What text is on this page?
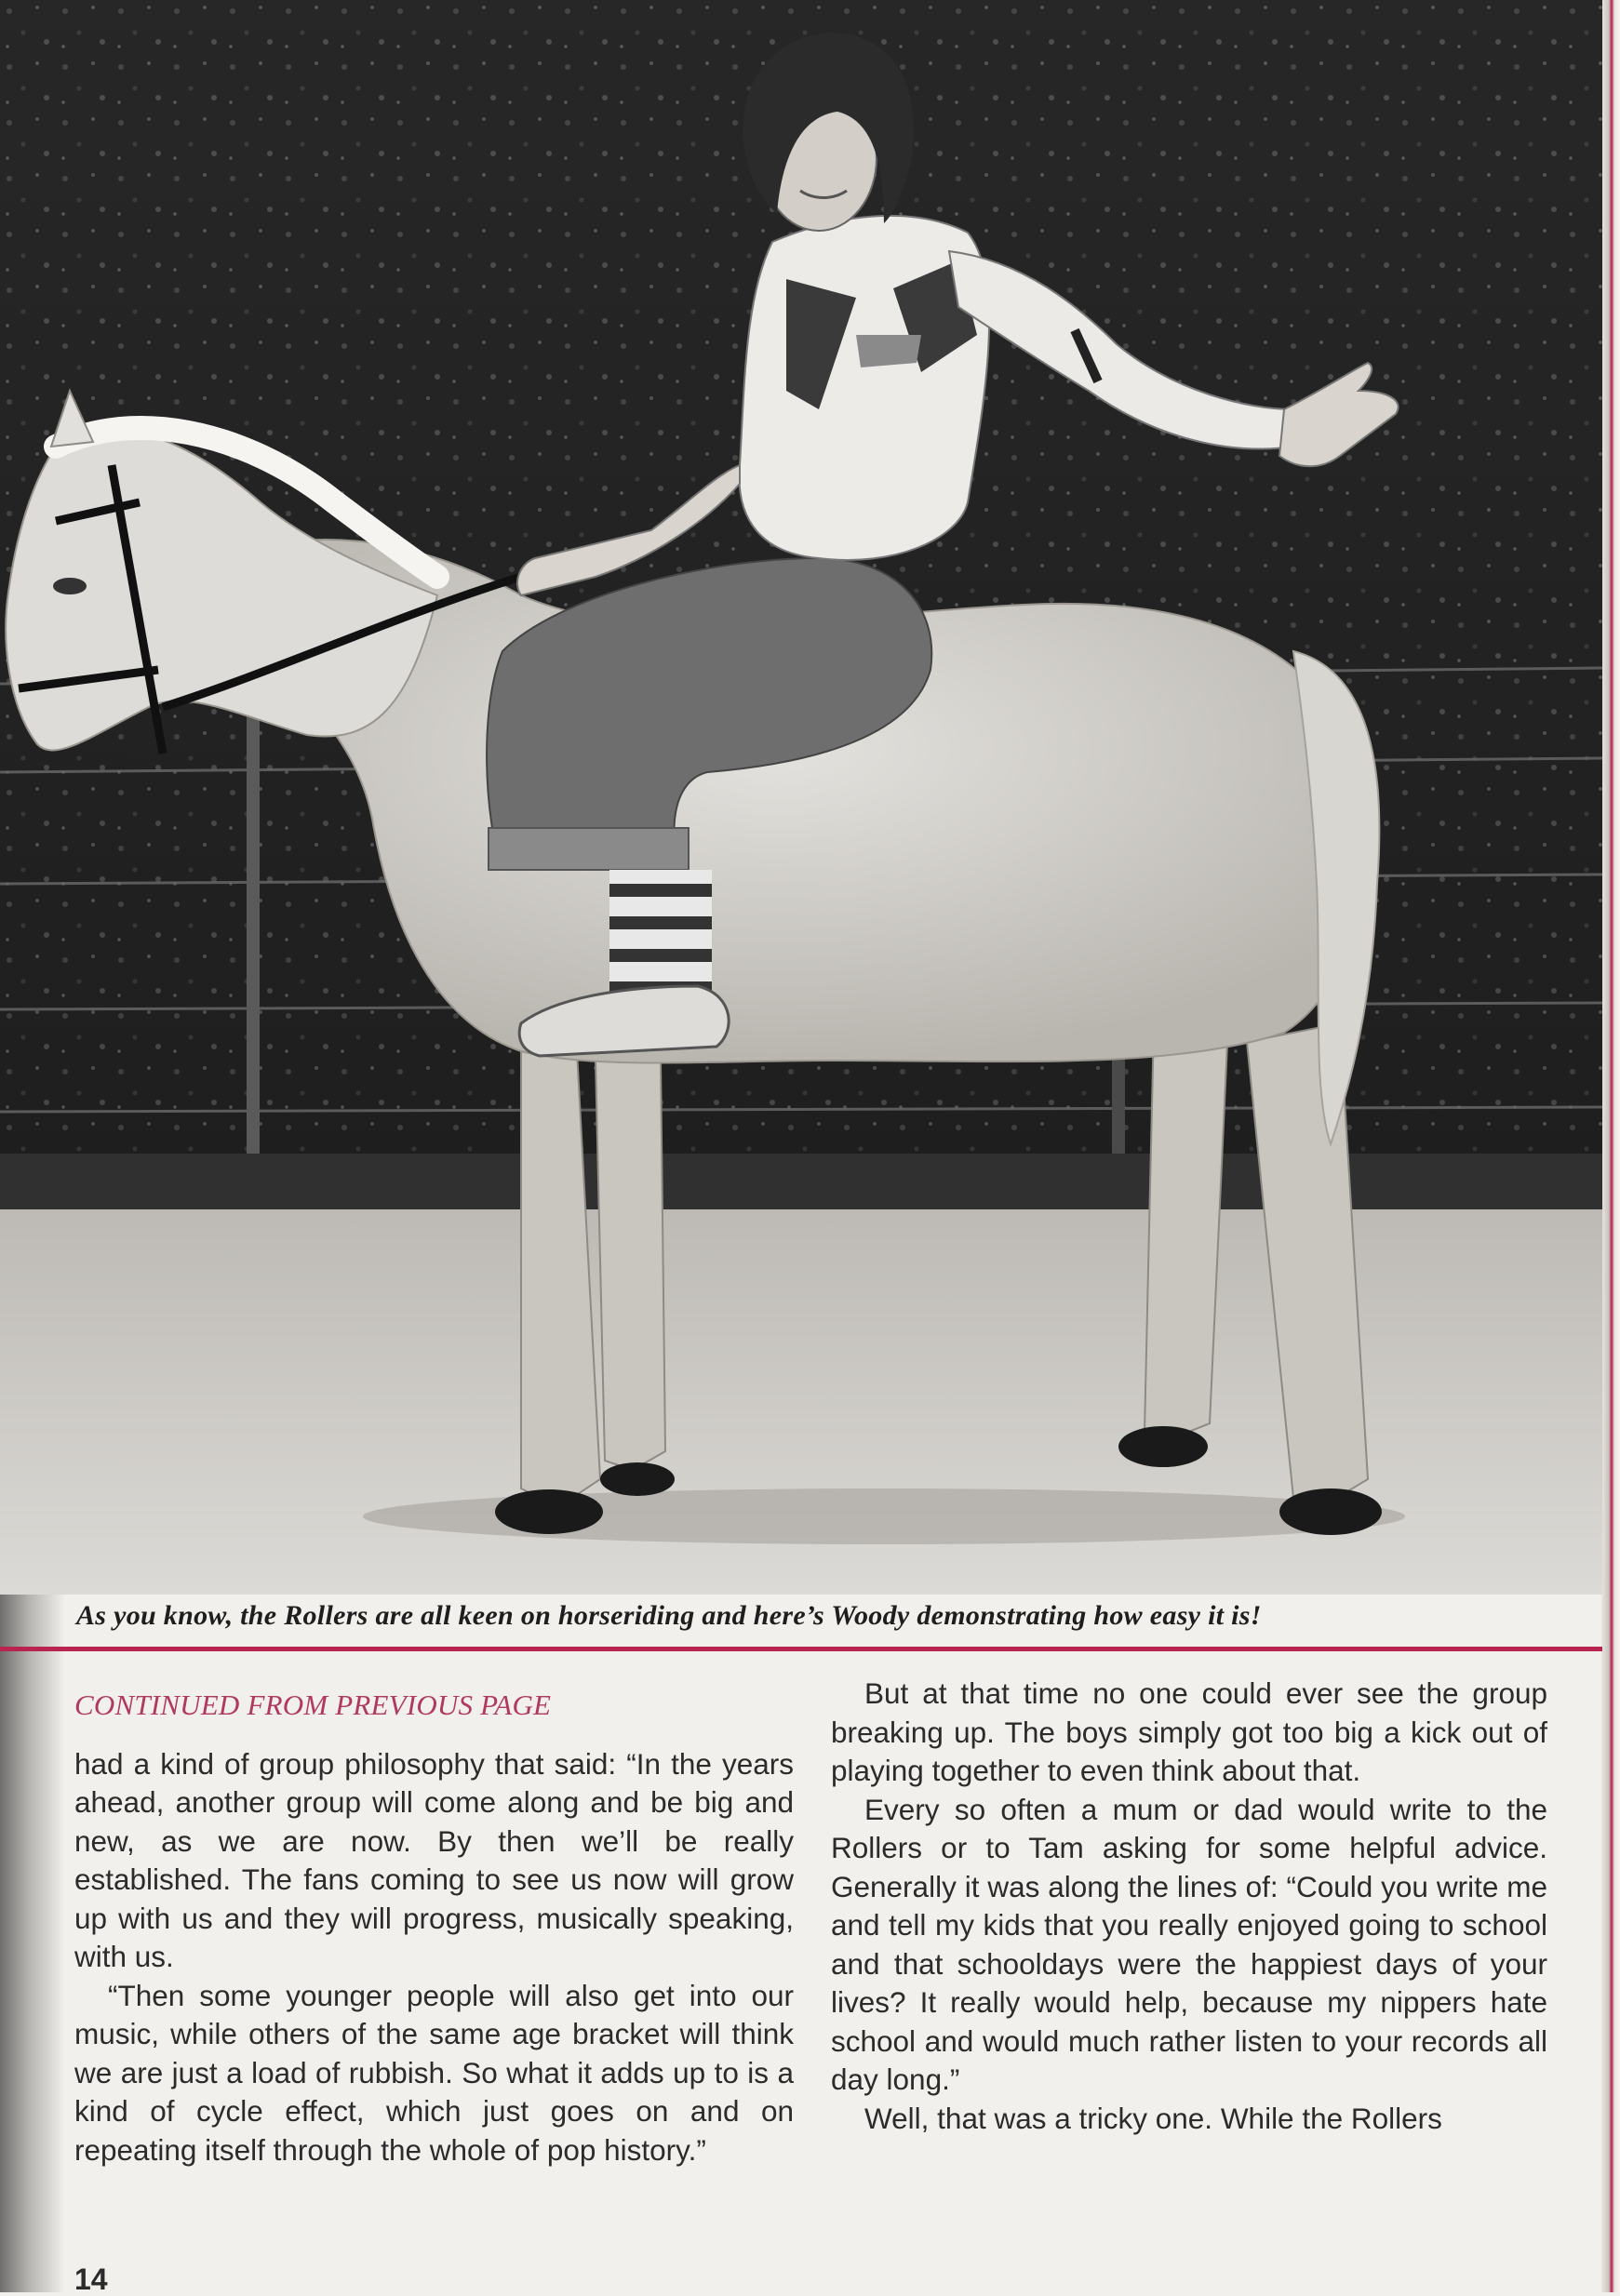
As you know, the Rollers are all keen on horseriding and here’s Woody demonstrating how easy it is!
CONTINUED FROM PREVIOUS PAGE

had a kind of group philosophy that said: “In the years ahead, another group will come along and be big and new, as we are now. By then we’ll be really established. The fans coming to see us now will grow up with us and they will progress, musically speaking, with us.

“Then some younger people will also get into our music, while others of the same age bracket will think we are just a load of rubbish. So what it adds up to is a kind of cycle effect, which just goes on and on repeating itself through the whole of pop history.”

But at that time no one could ever see the group breaking up. The boys simply got too big a kick out of playing together to even think about that.

Every so often a mum or dad would write to the Rollers or to Tam asking for some helpful advice. Generally it was along the lines of: “Could you write me and tell my kids that you really enjoyed going to school and that schooldays were the happiest days of your lives? It really would help, because my nippers hate school and would much rather listen to your records all day long.”

Well, that was a tricky one. While the Rollers

14
